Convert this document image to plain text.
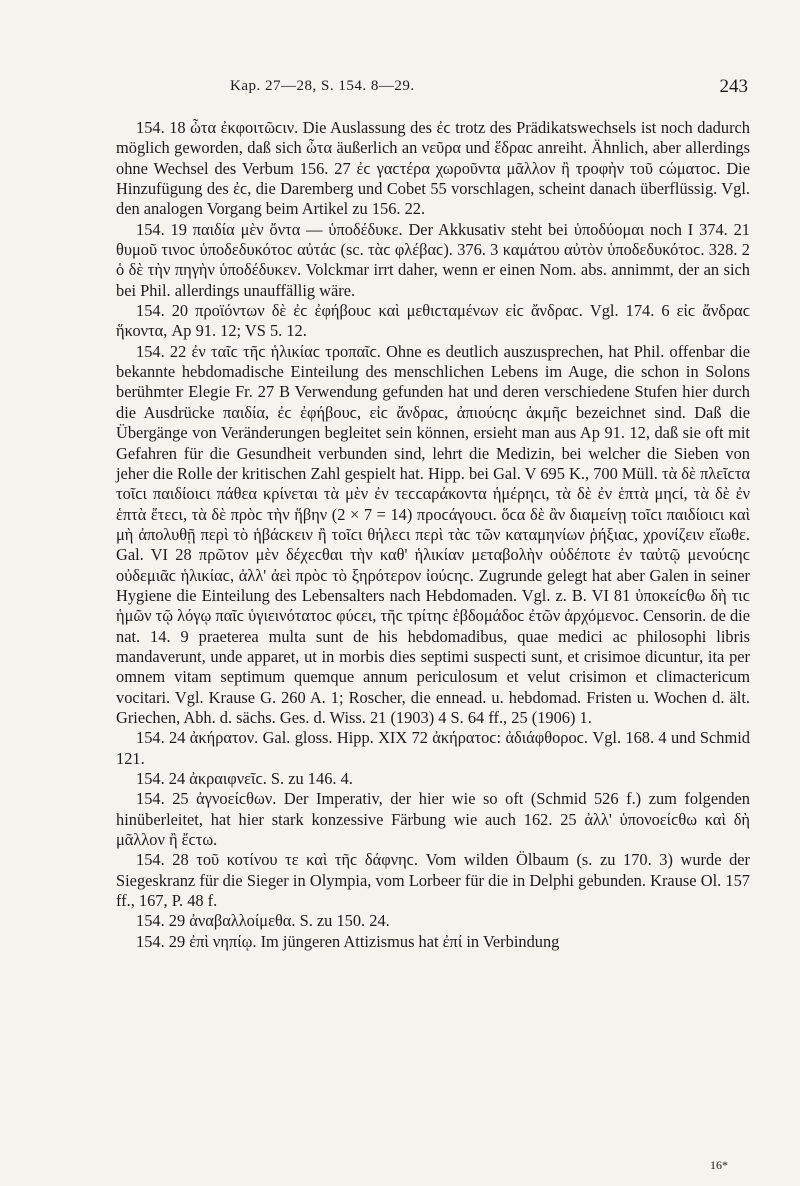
Kap. 27—28, S. 154. 8—29.	243

154. 18 ὦτα ἐκφοιτῶϲιν. Die Auslassung des ἐϲ trotz des Prädikatswechsels ist noch dadurch möglich geworden, daß sich ὦτα äußerlich an νεῦρα und ἕδραϲ anreiht. Ähnlich, aber allerdings ohne Wechsel des Verbum 156. 27 ἐϲ γαϲτέρα χωροῦντα μᾶλλον ἢ τροφὴν τοῦ ϲώματοϲ. Die Hinzufügung des ἐϲ, die Daremberg und Cobet 55 vorschlagen, scheint danach überflüssig. Vgl. den analogen Vorgang beim Artikel zu 156. 22.

154. 19 παιδία μὲν ὄντα — ὑποδέδυκε. Der Akkusativ steht bei ὑποδύομαι noch I 374. 21 θυμοῦ τινοϲ ὑποδεδυκότοϲ αὐτάϲ (sc. τὰϲ φλέβαϲ). 376. 3 καμάτου αὐτὸν ὑποδεδυκότοϲ. 328. 2 ὁ δὲ τὴν πηγὴν ὑποδέδυκεν. Volckmar irrt daher, wenn er einen Nom. abs. annimmt, der an sich bei Phil. allerdings unauffällig wäre.

154. 20 προϊόντων δὲ ἐϲ ἐφήβουϲ καὶ μεθιϲταμένων εἰϲ ἄνδραϲ. Vgl. 174. 6 εἰϲ ἄνδραϲ ἥκοντα, Ap 91. 12; VS 5. 12.

154. 22 ἐν ταῖϲ τῆϲ ἡλικίαϲ τροπαῖϲ. Ohne es deutlich auszusprechen, hat Phil. offenbar die bekannte hebdomadische Einteilung des menschlichen Lebens im Auge, die schon in Solons berühmter Elegie Fr. 27 B Verwendung gefunden hat und deren verschiedene Stufen hier durch die Ausdrücke παιδία, ἐϲ ἐφήβουϲ, εἰϲ ἄνδραϲ, ἀπιούϲηϲ ἀκμῆϲ bezeichnet sind. Daß die Übergänge von Veränderungen begleitet sein können, ersieht man aus Ap 91. 12, daß sie oft mit Gefahren für die Gesundheit verbunden sind, lehrt die Medizin, bei welcher die Sieben von jeher die Rolle der kritischen Zahl gespielt hat. Hipp. bei Gal. V 695 K., 700 Müll. τὰ δὲ πλεῖϲτα τοῖϲι παιδίοιϲι πάθεα κρίνεται τὰ μὲν ἐν τεϲϲαράκοντα ἡμέρηϲι, τὰ δὲ ἐν ἑπτὰ μηϲί, τὰ δὲ ἐν ἑπτὰ ἔτεϲι, τὰ δὲ πρὸϲ τὴν ἥβην (2 × 7 = 14) προϲάγουϲι. ὅϲα δὲ ἂν διαμείνῃ τοῖϲι παιδίοιϲι καὶ μὴ ἀπολυθῇ περὶ τὸ ἡβάϲκειν ἢ τοῖϲι θήλεϲι περὶ τὰϲ τῶν καταμηνίων ῥήξιαϲ, χρονίζειν εἴωθε. Gal. VI 28 πρῶτον μὲν δέχεϲθαι τὴν καθ' ἡλικίαν μεταβολὴν οὐδέποτε ἐν ταὐτῷ μενούϲηϲ οὐδεμιᾶϲ ἡλικίαϲ, ἀλλ' ἀεὶ πρὸϲ τὸ ξηρότερον ἰούϲηϲ. Zugrunde gelegt hat aber Galen in seiner Hygiene die Einteilung des Lebensalters nach Hebdomaden. Vgl. z. B. VI 81 ὑποκείϲθω δὴ τιϲ ἡμῶν τῷ λόγῳ παῖϲ ὑγιεινότατοϲ φύϲει, τῆϲ τρίτηϲ ἑβδομάδοϲ ἐτῶν ἀρχόμενοϲ. Censorin. de die nat. 14. 9 praeterea multa sunt de his hebdomadibus, quae medici ac philosophi libris mandaverunt, unde apparet, ut in morbis dies septimi suspecti sunt, et crisimoe dicuntur, ita per omnem vitam septimum quemque annum periculosum et velut crisimon et climactericum vocitari. Vgl. Krause G. 260 A. 1; Roscher, die ennead. u. hebdomad. Fristen u. Wochen d. ält. Griechen, Abh. d. sächs. Ges. d. Wiss. 21 (1903) 4 S. 64 ff., 25 (1906) 1.

154. 24 ἀκήρατον. Gal. gloss. Hipp. XIX 72 ἀκήρατοϲ: ἀδιάφθοροϲ. Vgl. 168. 4 und Schmid 121.

154. 24 ἀκραιφνεῖϲ. S. zu 146. 4.

154. 25 ἀγνοείϲθων. Der Imperativ, der hier wie so oft (Schmid 526 f.) zum folgenden hinüberleitet, hat hier stark konzessive Färbung wie auch 162. 25 ἀλλ' ὑπονοείϲθω καὶ δὴ μᾶλλον ἢ ἔϲτω.

154. 28 τοῦ κοτίνου τε καὶ τῆϲ δάφνηϲ. Vom wilden Ölbaum (s. zu 170. 3) wurde der Siegeskranz für die Sieger in Olympia, vom Lorbeer für die in Delphi gebunden. Krause Ol. 157 ff., 167, P. 48 f.

154. 29 ἀναβαλλοίμεθα. S. zu 150. 24.

154. 29 ἐπὶ νηπίῳ. Im jüngeren Attizismus hat ἐπί in Verbindung

16*
